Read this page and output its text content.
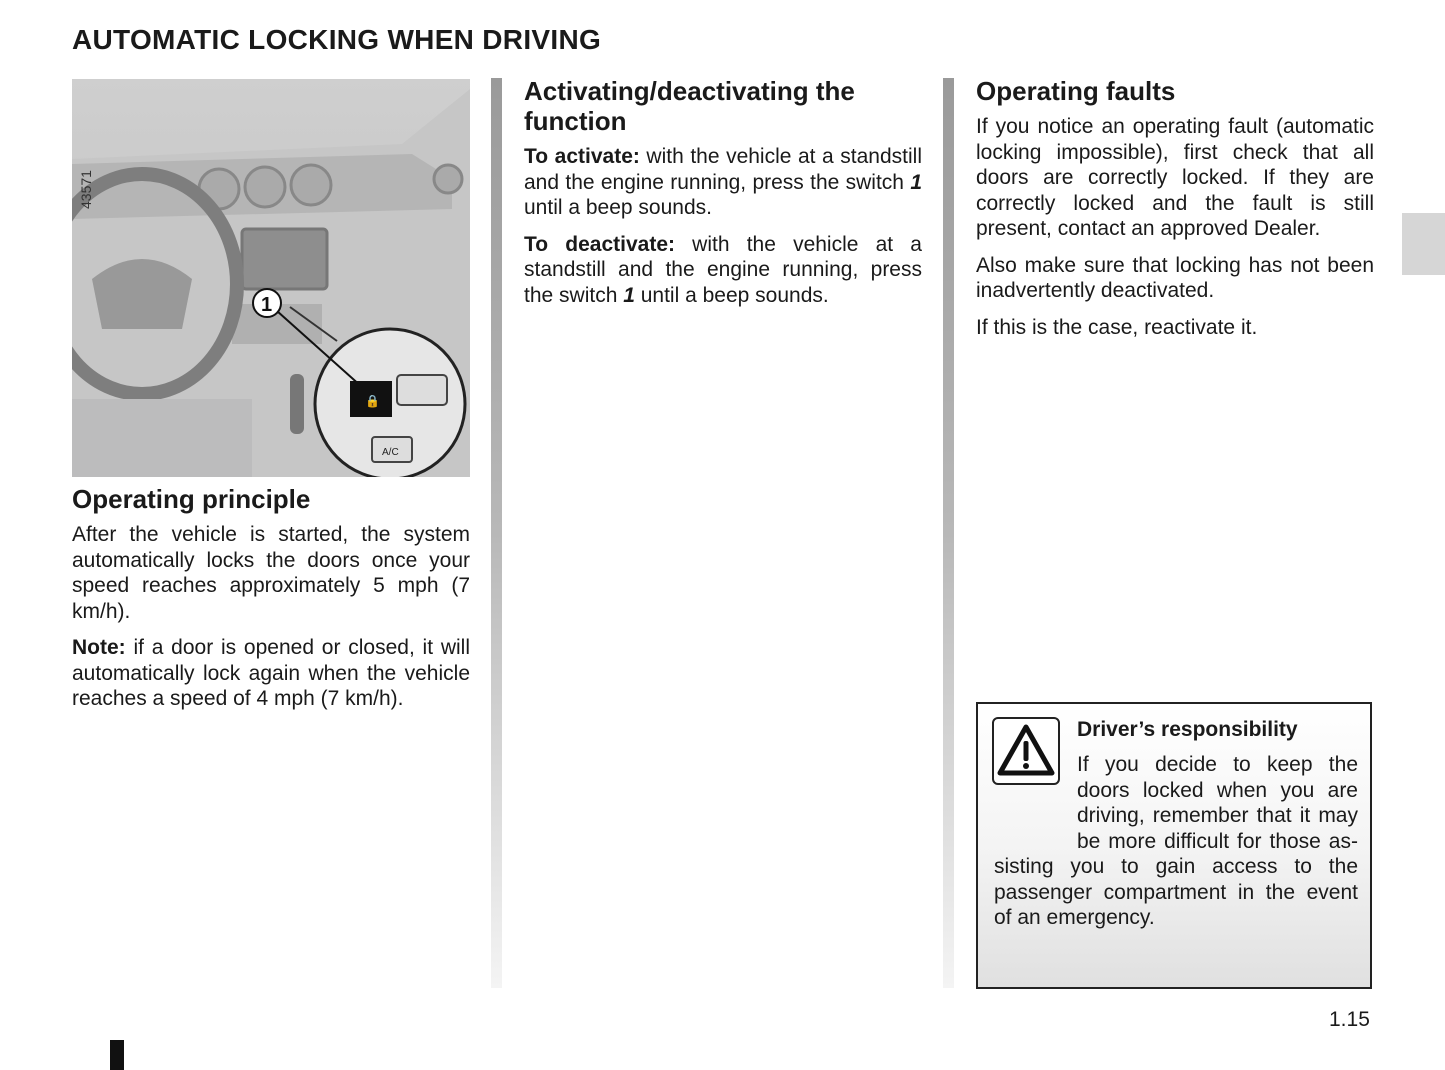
AUTOMATIC LOCKING WHEN DRIVING
🔒
A/C
1
43571
Operating principle

After the vehicle is started, the system automatically locks the doors once your speed reaches approximately 5 mph (7 km/h).

Note: if a door is opened or closed, it will automatically lock again when the vehicle reaches a speed of 4 mph (7 km/h).

Activating/deactivating the function

To activate: with the vehicle at a standstill and the engine running, press the switch 1 until a beep sounds.

To deactivate: with the vehicle at a standstill and the engine running, press the switch 1 until a beep sounds.

Operating faults

If you notice an operating fault (automatic locking impossible), first check that all doors are correctly locked. If they are correctly locked and the fault is still present, contact an approved Dealer.

Also make sure that locking has not been inadvertently deactivated.

If this is the case, reactivate it.

Driver’s responsibility

If you decide to keep the doors locked when you are driving, remember that it may be more difficult for those assisting you to gain access to the passenger compartment in the event of an emergency.

1.15
